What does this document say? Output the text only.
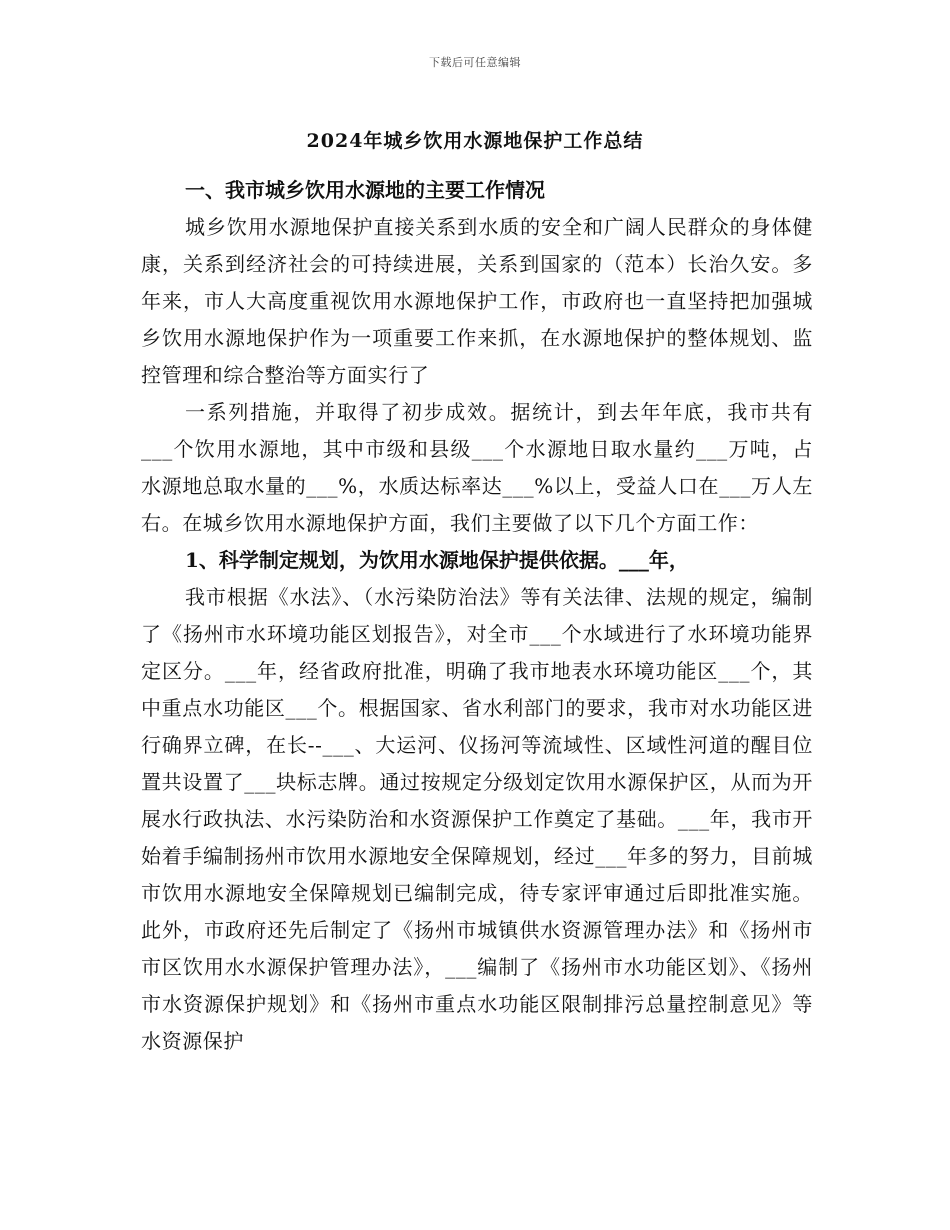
下载后可任意编辑
2024年城乡饮用水源地保护工作总结

一、我市城乡饮用水源地的主要工作情况

城乡饮用水源地保护直接关系到水质的安全和广阔人民群众的身体健康，关系到经济社会的可持续进展，关系到国家的（范本）长治久安。多年来，市人大高度重视饮用水源地保护工作，市政府也一直坚持把加强城乡饮用水源地保护作为一项重要工作来抓，在水源地保护的整体规划、监控管理和综合整治等方面实行了

一系列措施，并取得了初步成效。据统计，到去年年底，我市共有___个饮用水源地，其中市级和县级___个水源地日取水量约___万吨，占水源地总取水量的___%，水质达标率达___%以上，受益人口在___万人左右。在城乡饮用水源地保护方面，我们主要做了以下几个方面工作：

1、科学制定规划，为饮用水源地保护提供依据。___年，

我市根据《水法》、（水污染防治法》等有关法律、法规的规定，编制了《扬州市水环境功能区划报告》，对全市___个水域进行了水环境功能界定区分。___年，经省政府批准，明确了我市地表水环境功能区___个，其中重点水功能区___个。根据国家、省水利部门的要求，我市对水功能区进行确界立碑，在长--___、大运河、仪扬河等流域性、区域性河道的醒目位置共设置了___块标志牌。通过按规定分级划定饮用水源保护区，从而为开展水行政执法、水污染防治和水资源保护工作奠定了基础。___年，我市开始着手编制扬州市饮用水源地安全保障规划，经过___年多的努力，目前城市饮用水源地安全保障规划已编制完成，待专家评审通过后即批准实施。此外，市政府还先后制定了《扬州市城镇供水资源管理办法》和《扬州市市区饮用水水源保护管理办法》，___编制了《扬州市水功能区划》、《扬州市水资源保护规划》和《扬州市重点水功能区限制排污总量控制意见》等水资源保护
